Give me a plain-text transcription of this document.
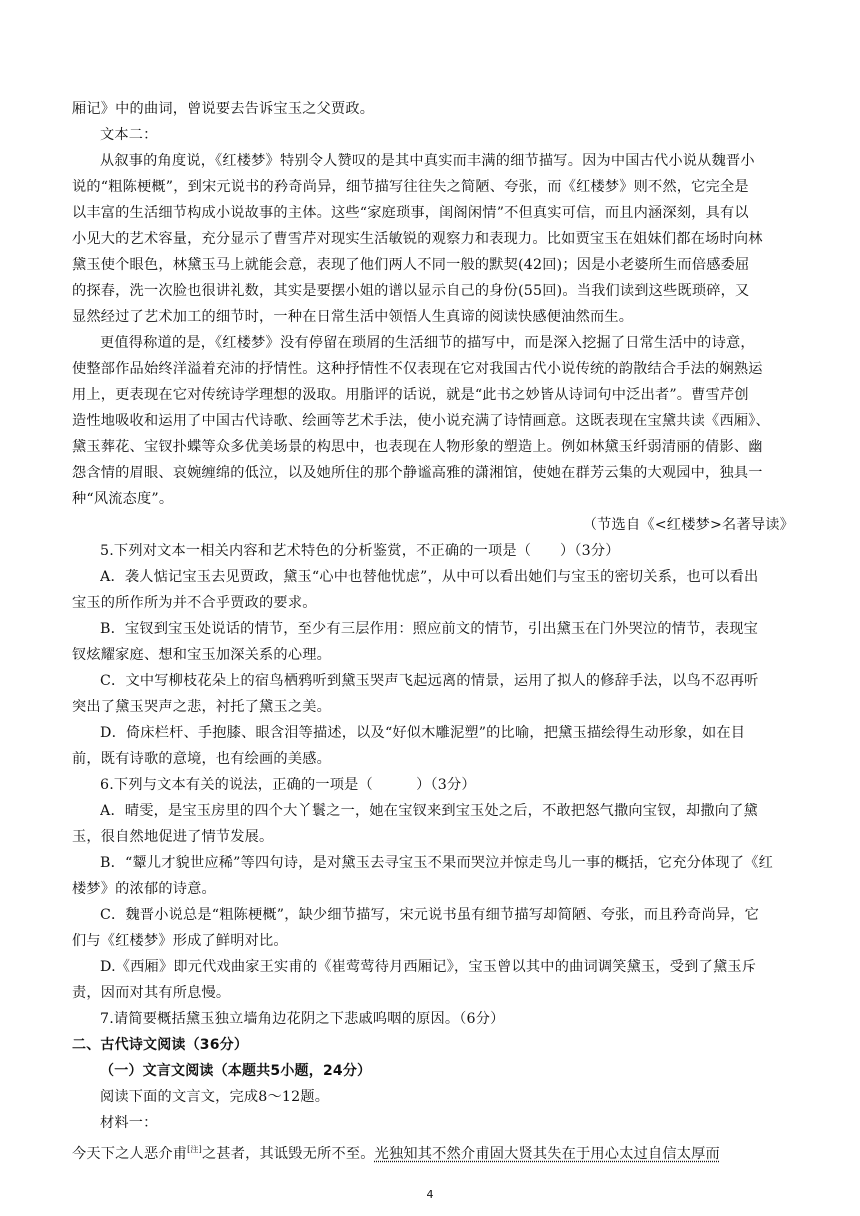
厢记》中的曲词，曾说要去告诉宝玉之父贾政。
文本二：
从叙事的角度说，《红楼梦》特别令人赞叹的是其中真实而丰满的细节描写。因为中国古代小说从魏晋小
说的“粗陈梗概”，到宋元说书的矜奇尚异，细节描写往往失之简陋、夸张，而《红楼梦》则不然，它完全是
以丰富的生活细节构成小说故事的主体。这些“家庭琐事，闺阁闲情”不但真实可信，而且内涵深刻，具有以
小见大的艺术容量，充分显示了曹雪芹对现实生活敏锐的观察力和表现力。比如贾宝玉在姐妹们都在场时向林
黛玉使个眼色，林黛玉马上就能会意，表现了他们两人不同一般的默契(42回)；因是小老婆所生而倍感委屈
的探春，洗一次脸也很讲礼数，其实是要摆小姐的谱以显示自己的身份(55回)。当我们读到这些既琐碎，又
显然经过了艺术加工的细节时，一种在日常生活中领悟人生真谛的阅读快感便油然而生。
更值得称道的是，《红楼梦》没有停留在琐屑的生活细节的描写中，而是深入挖掘了日常生活中的诗意，
使整部作品始终洋溢着充沛的抒情性。这种抒情性不仅表现在它对我国古代小说传统的韵散结合手法的娴熟运
用上，更表现在它对传统诗学理想的汲取。用脂评的话说，就是“此书之妙皆从诗词句中泛出者”。曹雪芹创
造性地吸收和运用了中国古代诗歌、绘画等艺术手法，使小说充满了诗情画意。这既表现在宝黛共读《西厢》、
黛玉葬花、宝钗扑蝶等众多优美场景的构思中，也表现在人物形象的塑造上。例如林黛玉纤弱清丽的倩影、幽
怨含情的眉眼、哀婉缠绵的低泣，以及她所住的那个静谧高雅的潇湘馆，使她在群芳云集的大观园中，独具一
种“风流态度”。
（节选自《<红楼梦>名著导读》
5.下列对文本一相关内容和艺术特色的分析鉴赏，不正确的一项是（　　）（3分）
A．袭人惦记宝玉去见贾政，黛玉“心中也替他忧虑”，从中可以看出她们与宝玉的密切关系，也可以看出
宝玉的所作所为并不合乎贾政的要求。
B．宝钗到宝玉处说话的情节，至少有三层作用：照应前文的情节，引出黛玉在门外哭泣的情节，表现宝
钗炫耀家庭、想和宝玉加深关系的心理。
C．文中写柳枝花朵上的宿鸟栖鸦听到黛玉哭声飞起远离的情景，运用了拟人的修辞手法，以鸟不忍再听
突出了黛玉哭声之悲，衬托了黛玉之美。
D．倚床栏杆、手抱膝、眼含泪等描述，以及“好似木雕泥塑”的比喻，把黛玉描绘得生动形象，如在目
前，既有诗歌的意境，也有绘画的美感。
6.下列与文本有关的说法，正确的一项是（　　　）（3分）
A．晴雯，是宝玉房里的四个大丫鬟之一，她在宝钗来到宝玉处之后，不敢把怒气撒向宝钗，却撒向了黛
玉，很自然地促进了情节发展。
B．“颦儿才貌世应稀”等四句诗，是对黛玉去寻宝玉不果而哭泣并惊走鸟儿一事的概括，它充分体现了《红
楼梦》的浓郁的诗意。
C．魏晋小说总是“粗陈梗概”，缺少细节描写，宋元说书虽有细节描写却简陋、夸张，而且矜奇尚异，它
们与《红楼梦》形成了鲜明对比。
D.《西厢》即元代戏曲家王实甫的《崔莺莺待月西厢记》，宝玉曾以其中的曲词调笑黛玉，受到了黛玉斥
责，因而对其有所息慢。
7.请简要概括黛玉独立墙角边花阴之下悲戚呜咽的原因。（6分）
二、古代诗文阅读（36分）
（一）文言文阅读（本题共5小题，24分）
阅读下面的文言文，完成8～12题。
材料一：
今天下之人恶介甫[注]之甚者，其诋毁无所不至。光独知其不然介甫固大贤其失在于用心太过自信太厚而
4
